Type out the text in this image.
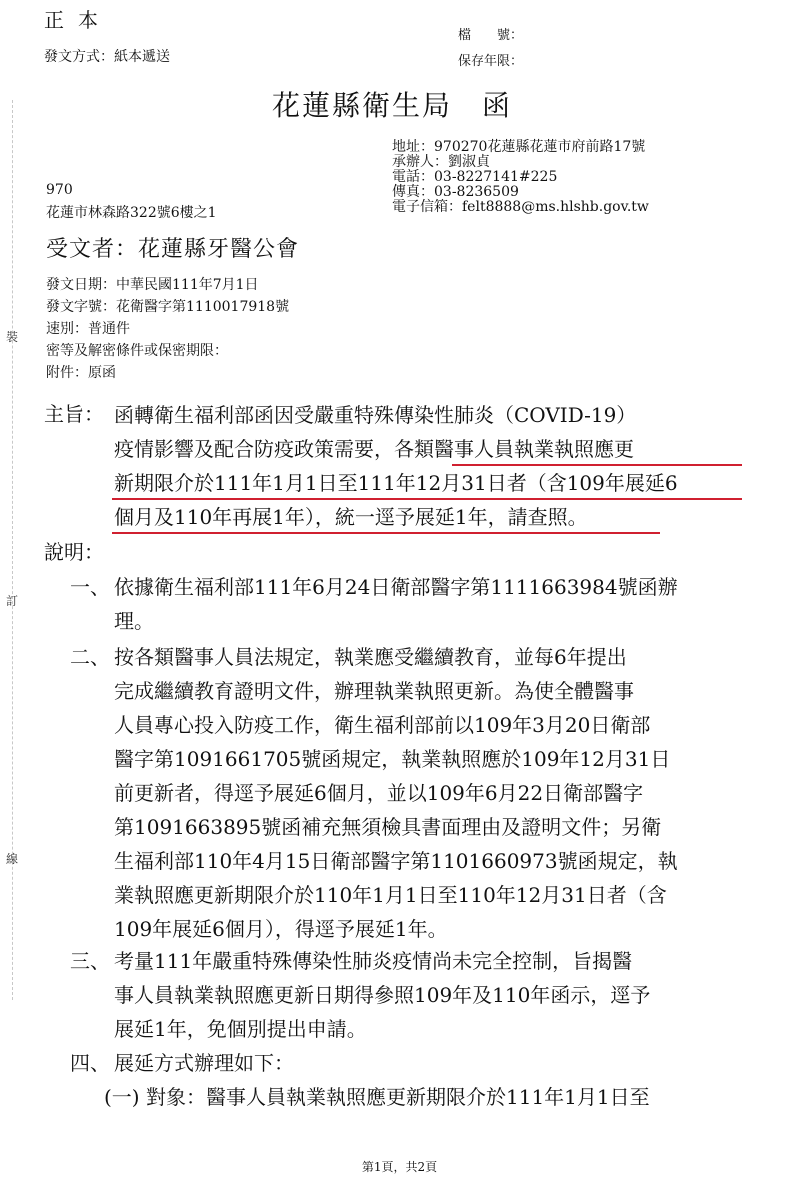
正本
發文方式：紙本遞送
檔　　號：
保存年限：
花蓮縣衛生局　函
地址：970270花蓮縣花蓮市府前路17號
承辦人：劉淑貞
電話：03-8227141#225
傳真：03-8236509
電子信箱：felt8888@ms.hlshb.gov.tw
970
花蓮市林森路322號6樓之1
受文者：花蓮縣牙醫公會
發文日期：中華民國111年7月1日
發文字號：花衛醫字第1110017918號
速別：普通件
密等及解密條件或保密期限：
附件：原函
裝
訂
線
主旨： 函轉衛生福利部函因受嚴重特殊傳染性肺炎（COVID-19）
疫情影響及配合防疫政策需要，各類醫事人員執業執照應更
新期限介於111年1月1日至111年12月31日者（含109年展延6
個月及110年再展1年），統一逕予展延1年，請查照。
說明：
一、 依據衛生福利部111年6月24日衛部醫字第1111663984號函辦
理。
二、 按各類醫事人員法規定，執業應受繼續教育，並每6年提出
完成繼續教育證明文件，辦理執業執照更新。為使全體醫事
人員專心投入防疫工作，衛生福利部前以109年3月20日衛部
醫字第1091661705號函規定，執業執照應於109年12月31日
前更新者，得逕予展延6個月，並以109年6月22日衛部醫字
第1091663895號函補充無須檢具書面理由及證明文件；另衛
生福利部110年4月15日衛部醫字第1101660973號函規定，執
業執照應更新期限介於110年1月1日至110年12月31日者（含
109年展延6個月），得逕予展延1年。
三、 考量111年嚴重特殊傳染性肺炎疫情尚未完全控制，旨揭醫
事人員執業執照應更新日期得參照109年及110年函示，逕予
展延1年，免個別提出申請。
四、 展延方式辦理如下：
(一) 對象：醫事人員執業執照應更新期限介於111年1月1日至
第1頁，共2頁
